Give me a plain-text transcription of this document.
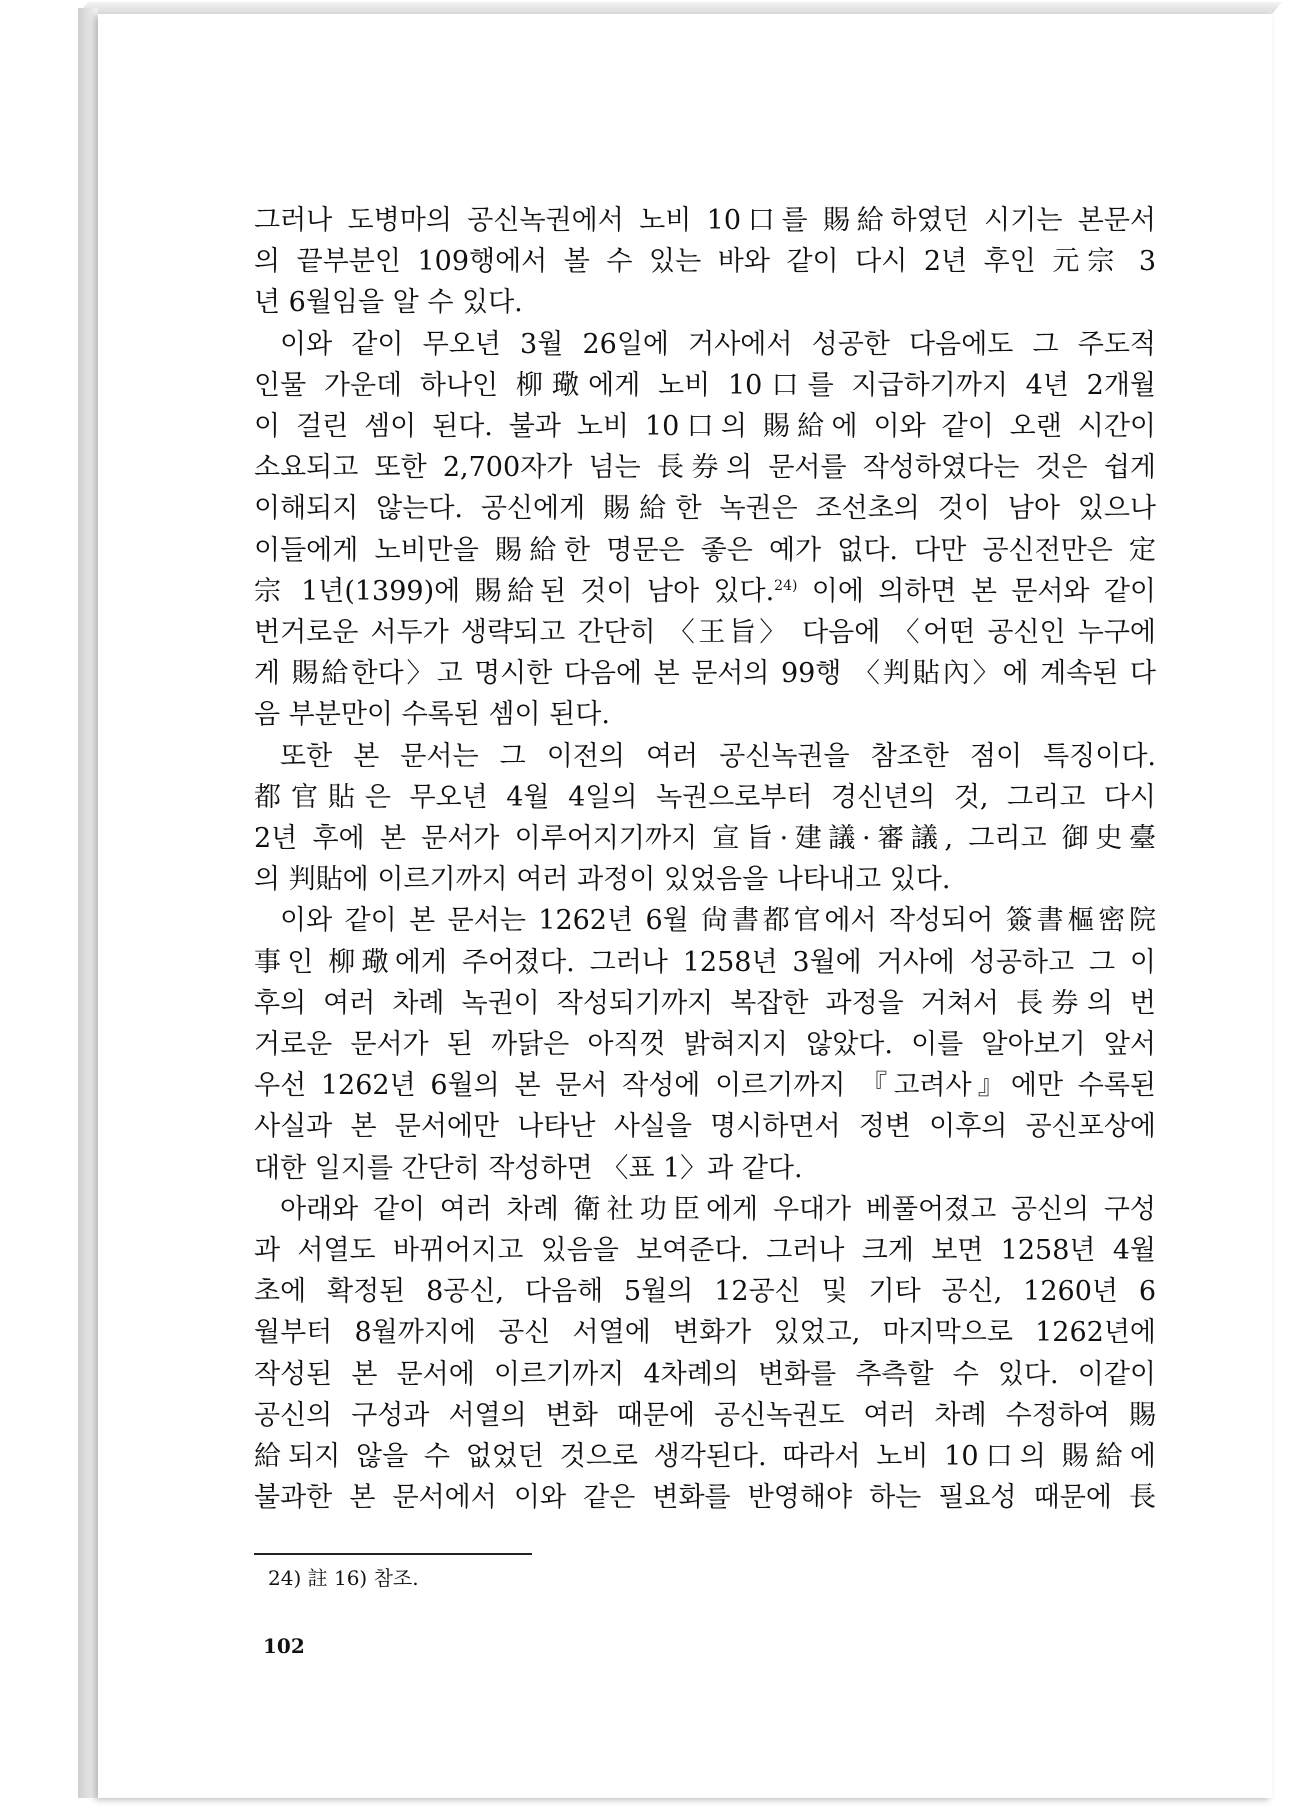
그러나 도병마의 공신녹권에서 노비 10口를 賜給하였던 시기는 본문서
의 끝부분인 109행에서 볼 수 있는 바와 같이 다시 2년 후인 元宗 3
년 6월임을 알 수 있다.
이와 같이 무오년 3월 26일에 거사에서 성공한 다음에도 그 주도적
인물 가운데 하나인 柳璥에게 노비 10口를 지급하기까지 4년 2개월
이 걸린 셈이 된다. 불과 노비 10口의 賜給에 이와 같이 오랜 시간이
소요되고 또한 2,700자가 넘는 長券의 문서를 작성하였다는 것은 쉽게
이해되지 않는다. 공신에게 賜給한 녹권은 조선초의 것이 남아 있으나
이들에게 노비만을 賜給한 명문은 좋은 예가 없다. 다만 공신전만은 定
宗 1년(1399)에 賜給된 것이 남아 있다.$^{24)}$ 이에 의하면 본 문서와 같이
번거로운 서두가 생략되고 간단히 〈王旨〉 다음에 〈어떤 공신인 누구에
게 賜給한다〉고 명시한 다음에 본 문서의 99행 〈判貼內〉에 계속된 다
음 부분만이 수록된 셈이 된다.
또한 본 문서는 그 이전의 여러 공신녹권을 참조한 점이 특징이다.
都官貼은 무오년 4월 4일의 녹권으로부터 경신년의 것, 그리고 다시
2년 후에 본 문서가 이루어지기까지 宣旨·建議·審議, 그리고 御史臺
의 判貼에 이르기까지 여러 과정이 있었음을 나타내고 있다.
이와 같이 본 문서는 1262년 6월 尙書都官에서 작성되어 簽書樞密院
事인 柳璥에게 주어졌다. 그러나 1258년 3월에 거사에 성공하고 그 이
후의 여러 차례 녹권이 작성되기까지 복잡한 과정을 거쳐서 長券의 번
거로운 문서가 된 까닭은 아직껏 밝혀지지 않았다. 이를 알아보기 앞서
우선 1262년 6월의 본 문서 작성에 이르기까지 『고려사』에만 수록된
사실과 본 문서에만 나타난 사실을 명시하면서 정변 이후의 공신포상에
대한 일지를 간단히 작성하면 〈표 1〉과 같다.
아래와 같이 여러 차례 衛社功臣에게 우대가 베풀어졌고 공신의 구성
과 서열도 바뀌어지고 있음을 보여준다. 그러나 크게 보면 1258년 4월
초에 확정된 8공신, 다음해 5월의 12공신 및 기타 공신, 1260년 6
월부터 8월까지에 공신 서열에 변화가 있었고, 마지막으로 1262년에
작성된 본 문서에 이르기까지 4차례의 변화를 추측할 수 있다. 이같이
공신의 구성과 서열의 변화 때문에 공신녹권도 여러 차례 수정하여 賜
給되지 않을 수 없었던 것으로 생각된다. 따라서 노비 10口의 賜給에
불과한 본 문서에서 이와 같은 변화를 반영해야 하는 필요성 때문에 長
24) 註 16) 참조.
102
